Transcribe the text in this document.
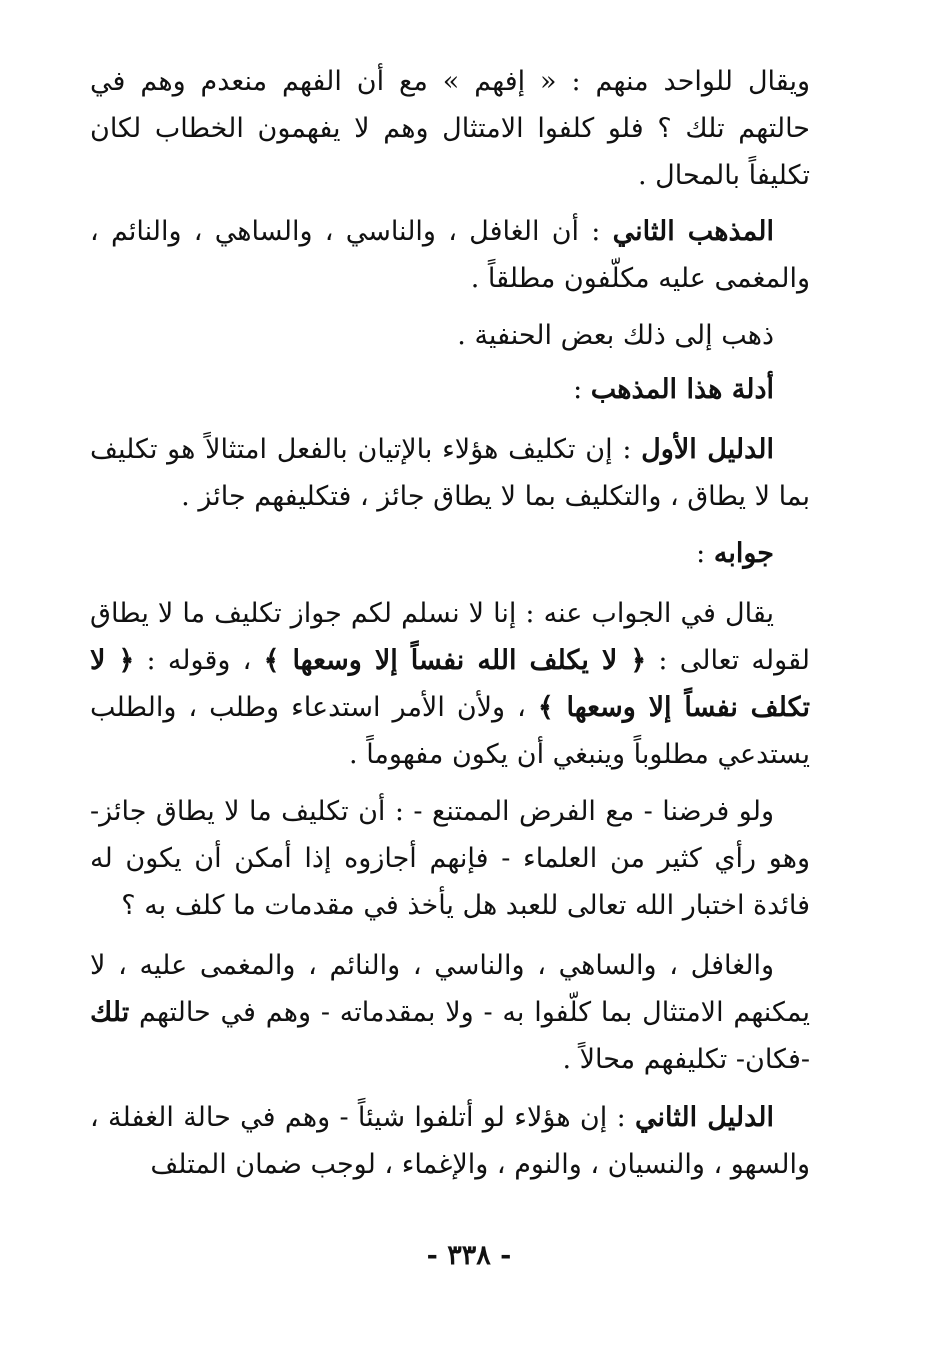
ويقال للواحد منهم : « إفهم » مع أن الفهم منعدم وهم في حالتهم تلك ؟ فلو كلفوا الامتثال وهم لا يفهمون الخطاب لكان تكليفاً بالمحال .

المذهب الثاني : أن الغافل ، والناسي ، والساهي ، والنائم ، والمغمى عليه مكلّفون مطلقاً .

ذهب إلى ذلك بعض الحنفية .

أدلة هذا المذهب :

الدليل الأول : إن تكليف هؤلاء بالإتيان بالفعل امتثالاً هو تكليف بما لا يطاق ، والتكليف بما لا يطاق جائز ، فتكليفهم جائز .

جوابه :

يقال في الجواب عنه : إنا لا نسلم لكم جواز تكليف ما لا يطاق لقوله تعالى : ﴿ لا يكلف الله نفساً إلا وسعها ﴾ ، وقوله : ﴿ لا تكلف نفساً إلا وسعها ﴾ ، ولأن الأمر استدعاء وطلب ، والطلب يستدعي مطلوباً وينبغي أن يكون مفهوماً .

ولو فرضنا - مع الفرض الممتنع - : أن تكليف ما لا يطاق جائز- وهو رأي كثير من العلماء - فإنهم أجازوه إذا أمكن أن يكون له فائدة اختبار الله تعالى للعبد هل يأخذ في مقدمات ما كلف به ؟

والغافل ، والساهي ، والناسي ، والنائم ، والمغمى عليه ، لا يمكنهم الامتثال بما كلّفوا به - ولا بمقدماته - وهم في حالتهم تلك -فكان- تكليفهم محالاً .

الدليل الثاني : إن هؤلاء لو أتلفوا شيئاً - وهم في حالة الغفلة ، والسهو ، والنسيان ، والنوم ، والإغماء ، لوجب ضمان المتلف

- ٣٣٨ -
